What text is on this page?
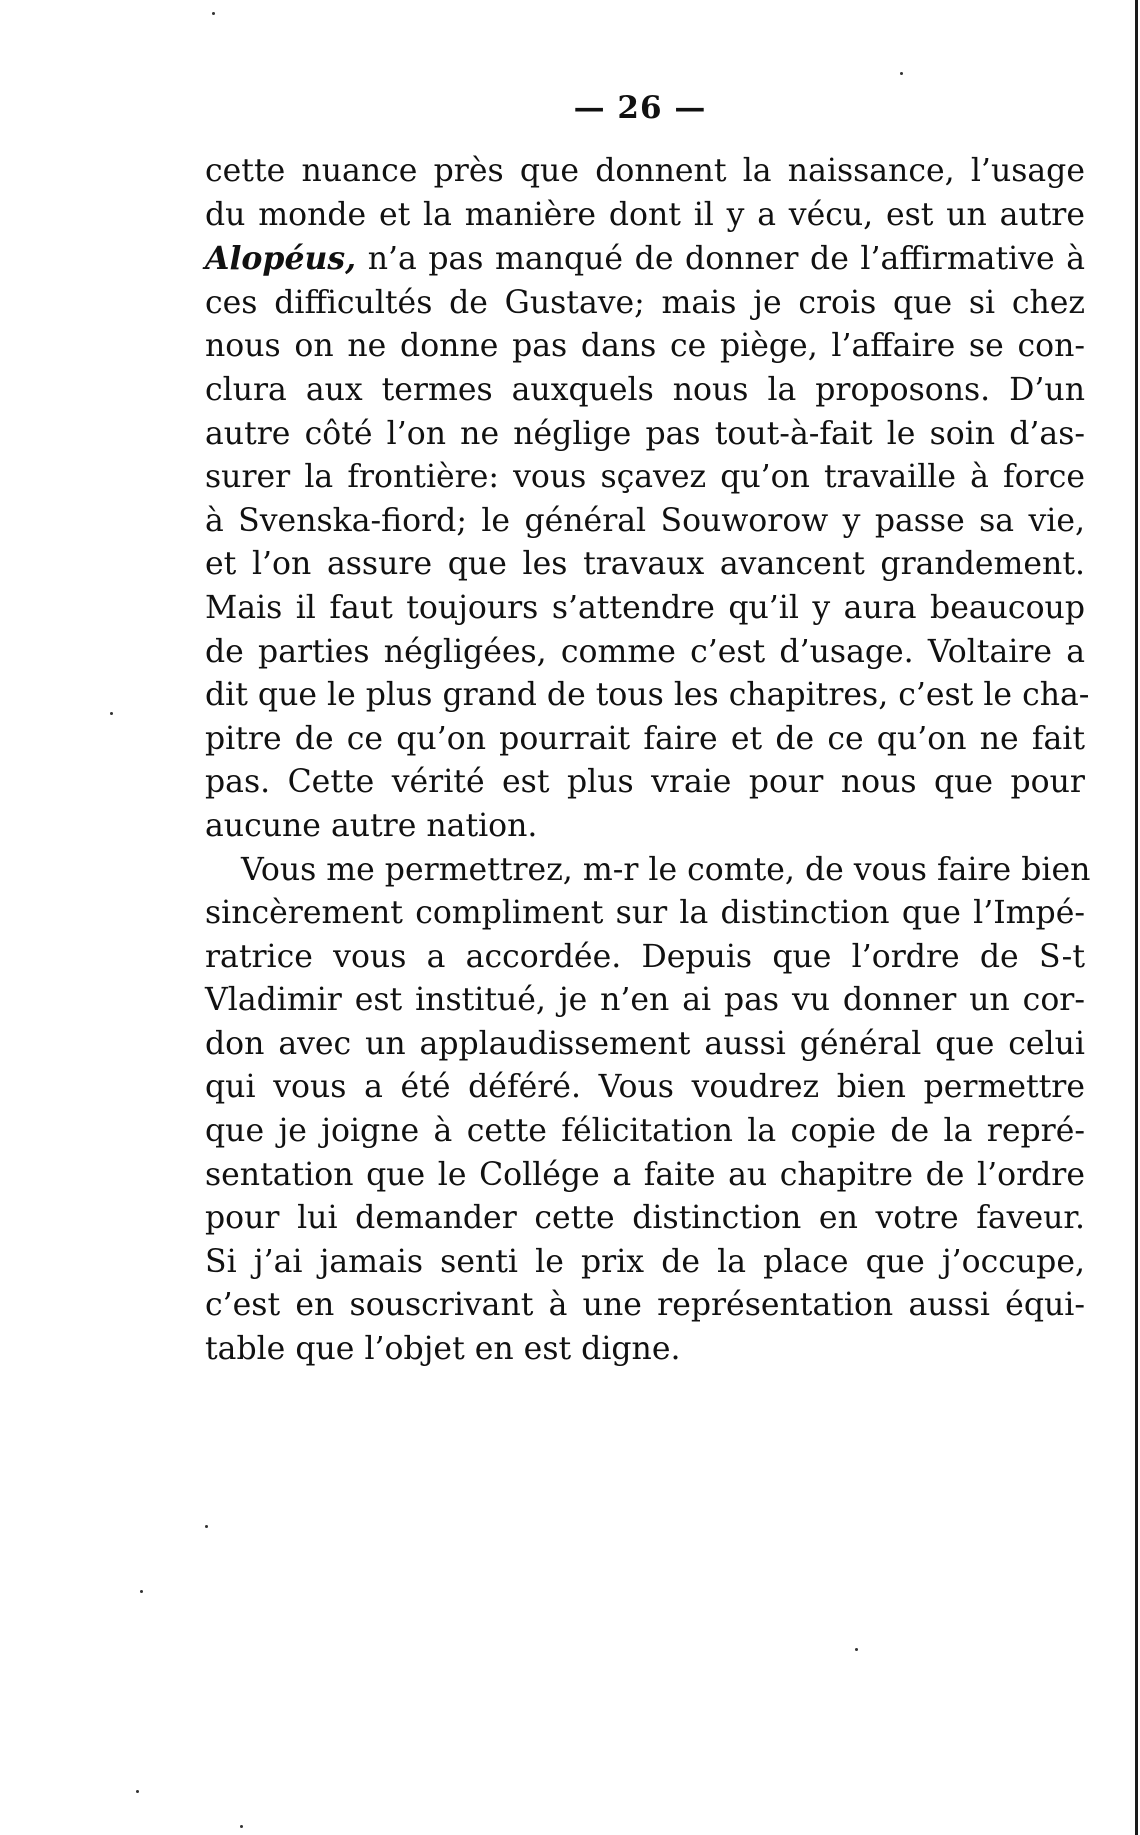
— 26 —
cette nuance près que donnent la naissance, l’usage
du monde et la manière dont il y a vécu, est un autre
Alopéus, n’a pas manqué de donner de l’affirmative à
ces difficultés de Gustave; mais je crois que si chez
nous on ne donne pas dans ce piège, l’affaire se con-
clura aux termes auxquels nous la proposons. D’un
autre côté l’on ne néglige pas tout-à-fait le soin d’as-
surer la frontière: vous sçavez qu’on travaille à force
à Svenska-fiord; le général Souworow y passe sa vie,
et l’on assure que les travaux avancent grandement.
Mais il faut toujours s’attendre qu’il y aura beaucoup
de parties négligées, comme c’est d’usage. Voltaire a
dit que le plus grand de tous les chapitres, c’est le cha-
pitre de ce qu’on pourrait faire et de ce qu’on ne fait
pas. Cette vérité est plus vraie pour nous que pour
aucune autre nation.
Vous me permettrez, m-r le comte, de vous faire bien
sincèrement compliment sur la distinction que l’Impé-
ratrice vous a accordée. Depuis que l’ordre de S-t
Vladimir est institué, je n’en ai pas vu donner un cor-
don avec un applaudissement aussi général que celui
qui vous a été déféré. Vous voudrez bien permettre
que je joigne à cette félicitation la copie de la repré-
sentation que le Collége a faite au chapitre de l’ordre
pour lui demander cette distinction en votre faveur.
Si j’ai jamais senti le prix de la place que j’occupe,
c’est en souscrivant à une représentation aussi équi-
table que l’objet en est digne.
